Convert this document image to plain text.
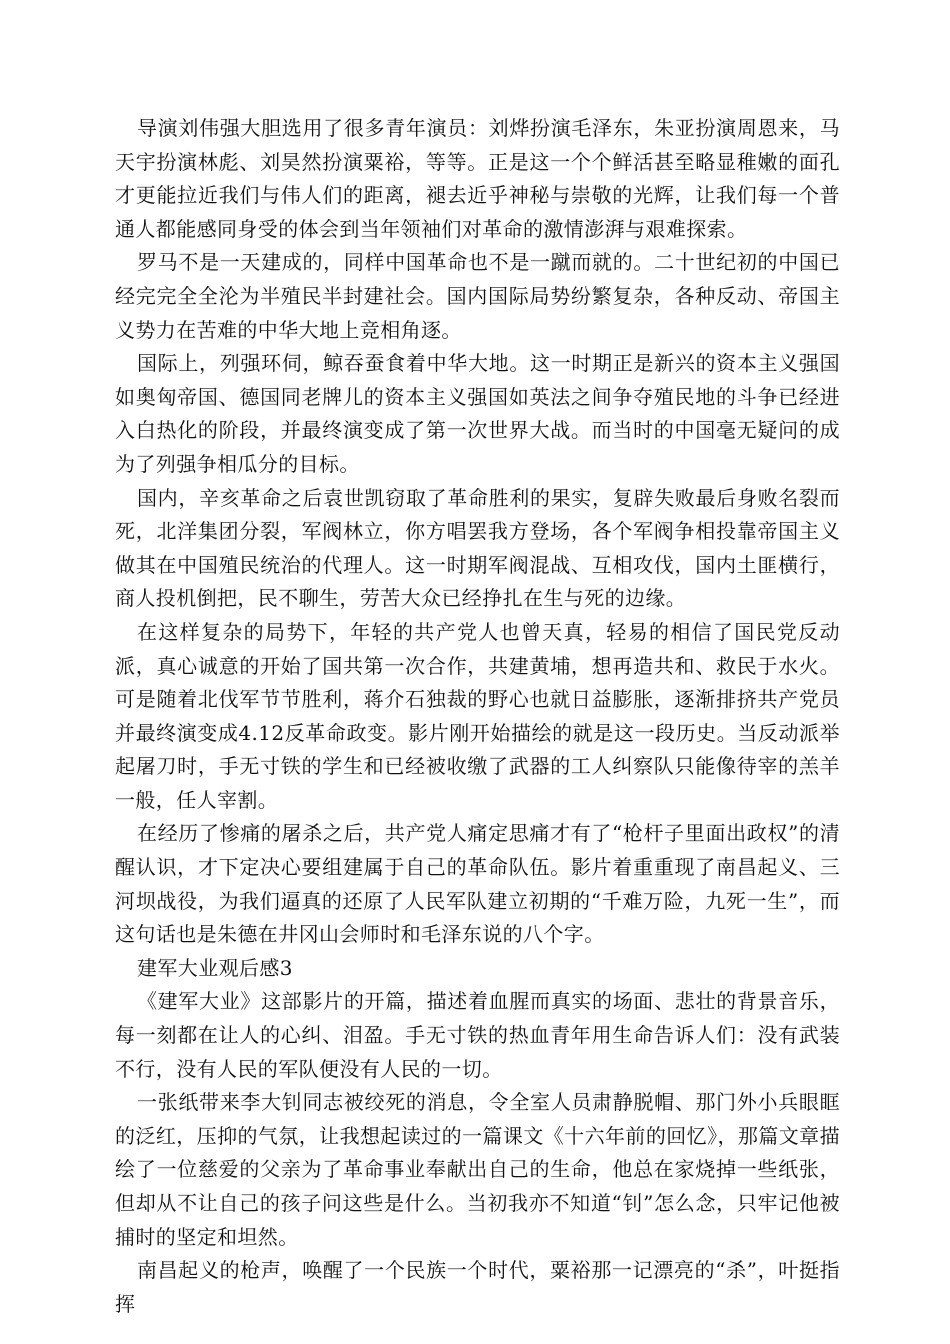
导演刘伟强大胆选用了很多青年演员：刘烨扮演毛泽东，朱亚扮演周恩来，马天宇扮演林彪、刘昊然扮演粟裕，等等。正是这一个个鲜活甚至略显稚嫩的面孔才更能拉近我们与伟人们的距离，褪去近乎神秘与崇敬的光辉，让我们每一个普通人都能感同身受的体会到当年领袖们对革命的激情澎湃与艰难探索。

罗马不是一天建成的，同样中国革命也不是一蹴而就的。二十世纪初的中国已经完完全全沦为半殖民半封建社会。国内国际局势纷繁复杂，各种反动、帝国主义势力在苦难的中华大地上竞相角逐。

国际上，列强环伺，鲸吞蚕食着中华大地。这一时期正是新兴的资本主义强国如奥匈帝国、德国同老牌儿的资本主义强国如英法之间争夺殖民地的斗争已经进入白热化的阶段，并最终演变成了第一次世界大战。而当时的中国毫无疑问的成为了列强争相瓜分的目标。

国内，辛亥革命之后袁世凯窃取了革命胜利的果实，复辟失败最后身败名裂而死，北洋集团分裂，军阀林立，你方唱罢我方登场，各个军阀争相投靠帝国主义做其在中国殖民统治的代理人。这一时期军阀混战、互相攻伐，国内土匪横行，商人投机倒把，民不聊生，劳苦大众已经挣扎在生与死的边缘。

在这样复杂的局势下，年轻的共产党人也曾天真，轻易的相信了国民党反动派，真心诚意的开始了国共第一次合作，共建黄埔，想再造共和、救民于水火。可是随着北伐军节节胜利，蒋介石独裁的野心也就日益膨胀，逐渐排挤共产党员并最终演变成4.12反革命政变。影片刚开始描绘的就是这一段历史。当反动派举起屠刀时，手无寸铁的学生和已经被收缴了武器的工人纠察队只能像待宰的羔羊一般，任人宰割。

在经历了惨痛的屠杀之后，共产党人痛定思痛才有了“枪杆子里面出政权”的清醒认识，才下定决心要组建属于自己的革命队伍。影片着重重现了南昌起义、三河坝战役，为我们逼真的还原了人民军队建立初期的“千难万险，九死一生”，而这句话也是朱德在井冈山会师时和毛泽东说的八个字。

建军大业观后感3

《建军大业》这部影片的开篇，描述着血腥而真实的场面、悲壮的背景音乐，每一刻都在让人的心纠、泪盈。手无寸铁的热血青年用生命告诉人们：没有武装不行，没有人民的军队便没有人民的一切。

一张纸带来李大钊同志被绞死的消息，令全室人员肃静脱帽、那门外小兵眼眶的泛红，压抑的气氛，让我想起读过的一篇课文《十六年前的回忆》，那篇文章描绘了一位慈爱的父亲为了革命事业奉献出自己的生命，他总在家烧掉一些纸张，但却从不让自己的孩子问这些是什么。当初我亦不知道“钊”怎么念，只牢记他被捕时的坚定和坦然。

南昌起义的枪声，唤醒了一个民族一个时代，粟裕那一记漂亮的“杀”，叶挺指挥
